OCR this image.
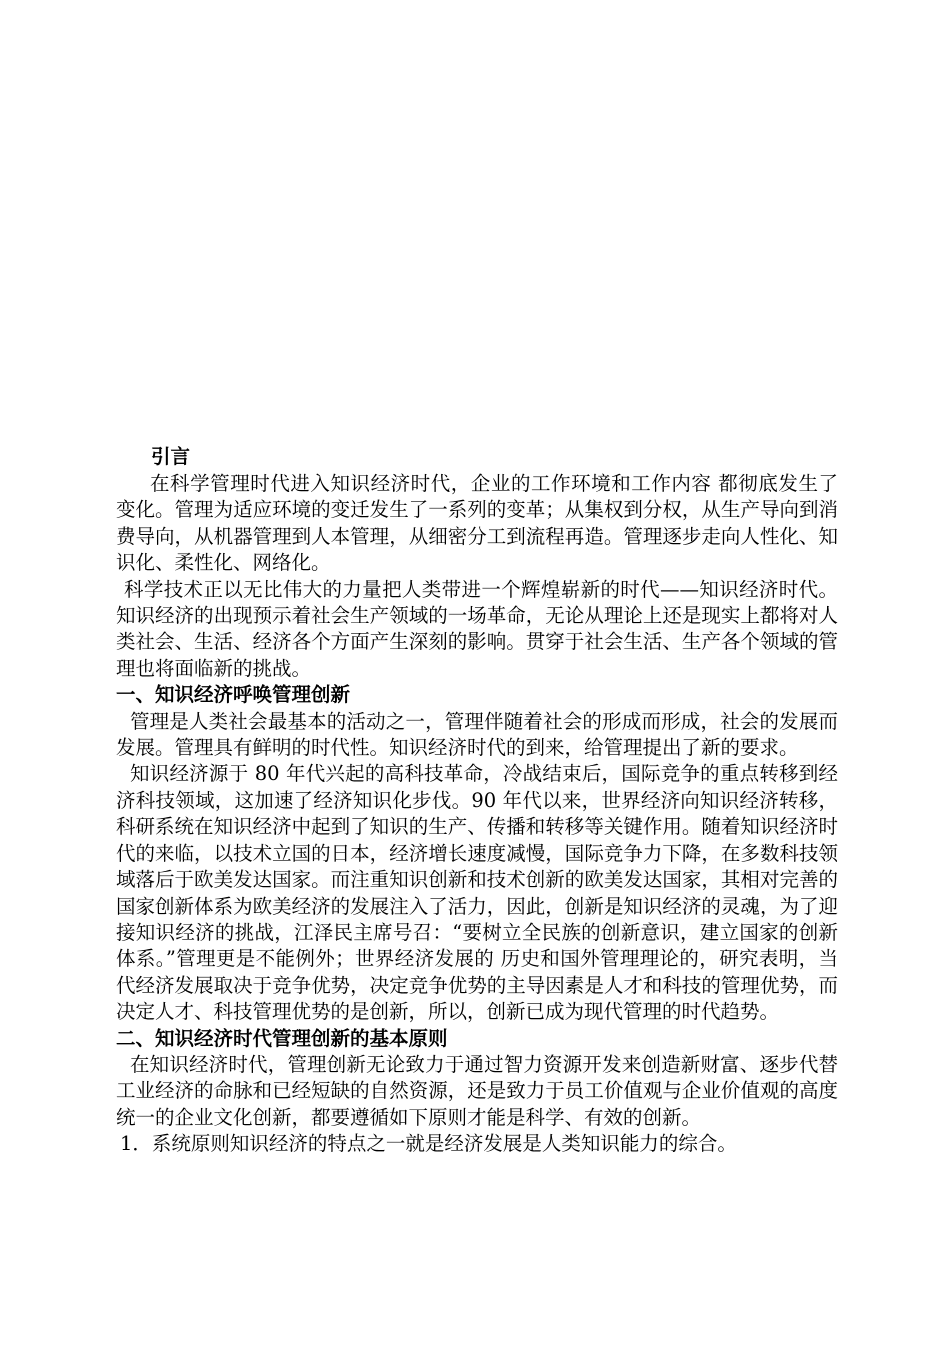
引言

在科学管理时代进入知识经济时代，企业的工作环境和工作内容 都彻底发生了变化。管理为适应环境的变迁发生了一系列的变革；从集权到分权，从生产导向到消费导向，从机器管理到人本管理，从细密分工到流程再造。管理逐步走向人性化、知识化、柔性化、网络化。

科学技术正以无比伟大的力量把人类带进一个辉煌崭新的时代——知识经济时代。知识经济的出现预示着社会生产领域的一场革命，无论从理论上还是现实上都将对人类社会、生活、经济各个方面产生深刻的影响。贯穿于社会生活、生产各个领域的管理也将面临新的挑战。

一、知识经济呼唤管理创新

管理是人类社会最基本的活动之一，管理伴随着社会的形成而形成，社会的发展而发展。管理具有鲜明的时代性。知识经济时代的到来，给管理提出了新的要求。

知识经济源于 80 年代兴起的高科技革命，冷战结束后，国际竞争的重点转移到经济科技领域，这加速了经济知识化步伐。90 年代以来，世界经济向知识经济转移，科研系统在知识经济中起到了知识的生产、传播和转移等关键作用。随着知识经济时代的来临，以技术立国的日本，经济增长速度减慢，国际竞争力下降，在多数科技领域落后于欧美发达国家。而注重知识创新和技术创新的欧美发达国家，其相对完善的国家创新体系为欧美经济的发展注入了活力，因此，创新是知识经济的灵魂，为了迎接知识经济的挑战，江泽民主席号召：“要树立全民族的创新意识，建立国家的创新体系。”管理更是不能例外；世界经济发展的 历史和国外管理理论的，研究表明，当代经济发展取决于竞争优势，决定竞争优势的主导因素是人才和科技的管理优势，而决定人才、科技管理优势的是创新，所以，创新已成为现代管理的时代趋势。

二、知识经济时代管理创新的基本原则

在知识经济时代，管理创新无论致力于通过智力资源开发来创造新财富、逐步代替工业经济的命脉和已经短缺的自然资源，还是致力于员工价值观与企业价值观的高度统一的企业文化创新，都要遵循如下原则才能是科学、有效的创新。

1．系统原则知识经济的特点之一就是经济发展是人类知识能力的综合。
